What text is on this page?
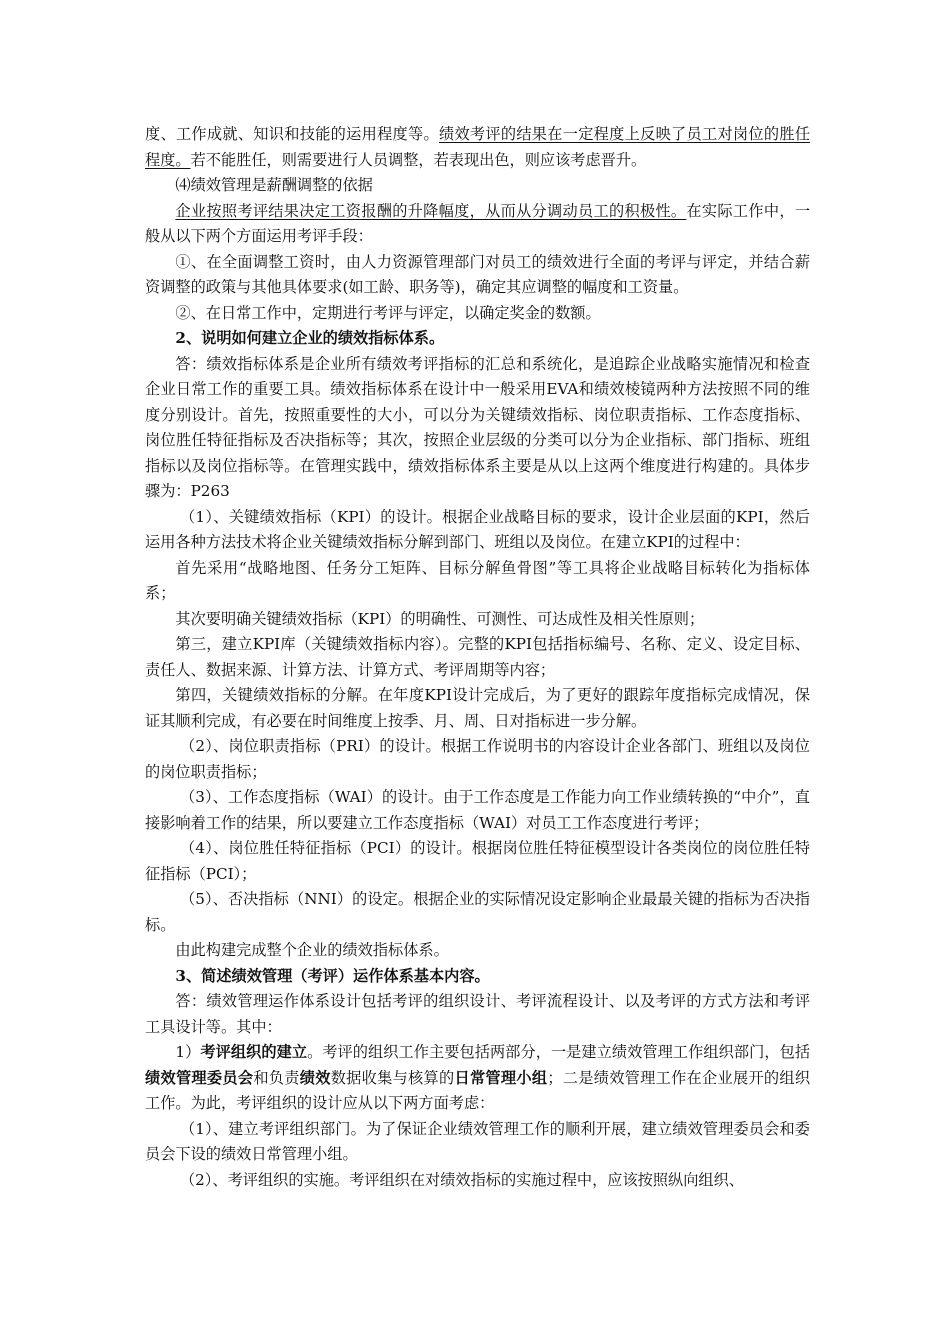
度、工作成就、知识和技能的运用程度等。绩效考评的结果在一定程度上反映了员工对岗位的胜任程度。若不能胜任，则需要进行人员调整，若表现出色，则应该考虑晋升。

⑷绩效管理是薪酬调整的依据

企业按照考评结果决定工资报酬的升降幅度，从而从分调动员工的积极性。在实际工作中，一般从以下两个方面运用考评手段：

①、在全面调整工资时，由人力资源管理部门对员工的绩效进行全面的考评与评定，并结合薪资调整的政策与其他具体要求(如工龄、职务等)，确定其应调整的幅度和工资量。

②、在日常工作中，定期进行考评与评定，以确定奖金的数额。

2、说明如何建立企业的绩效指标体系。

答：绩效指标体系是企业所有绩效考评指标的汇总和系统化，是追踪企业战略实施情况和检查企业日常工作的重要工具。绩效指标体系在设计中一般采用EVA和绩效棱镜两种方法按照不同的维度分别设计。首先，按照重要性的大小，可以分为关键绩效指标、岗位职责指标、工作态度指标、岗位胜任特征指标及否决指标等；其次，按照企业层级的分类可以分为企业指标、部门指标、班组指标以及岗位指标等。在管理实践中，绩效指标体系主要是从以上这两个维度进行构建的。具体步骤为：P263

（1）、关键绩效指标（KPI）的设计。根据企业战略目标的要求，设计企业层面的KPI，然后运用各种方法技术将企业关键绩效指标分解到部门、班组以及岗位。在建立KPI的过程中：

首先采用“战略地图、任务分工矩阵、目标分解鱼骨图”等工具将企业战略目标转化为指标体系；

其次要明确关键绩效指标（KPI）的明确性、可测性、可达成性及相关性原则；

第三，建立KPI库（关键绩效指标内容）。完整的KPI包括指标编号、名称、定义、设定目标、责任人、数据来源、计算方法、计算方式、考评周期等内容；

第四，关键绩效指标的分解。在年度KPI设计完成后，为了更好的跟踪年度指标完成情况，保证其顺利完成，有必要在时间维度上按季、月、周、日对指标进一步分解。

（2）、岗位职责指标（PRI）的设计。根据工作说明书的内容设计企业各部门、班组以及岗位的岗位职责指标；

（3）、工作态度指标（WAI）的设计。由于工作态度是工作能力向工作业绩转换的“中介”，直接影响着工作的结果，所以要建立工作态度指标（WAI）对员工工作态度进行考评；

（4）、岗位胜任特征指标（PCI）的设计。根据岗位胜任特征模型设计各类岗位的岗位胜任特征指标（PCI）；

（5）、否决指标（NNI）的设定。根据企业的实际情况设定影响企业最最关键的指标为否决指标。

由此构建完成整个企业的绩效指标体系。

3、简述绩效管理（考评）运作体系基本内容。

答：绩效管理运作体系设计包括考评的组织设计、考评流程设计、以及考评的方式方法和考评工具设计等。其中：

1）考评组织的建立。考评的组织工作主要包括两部分，一是建立绩效管理工作组织部门，包括绩效管理委员会和负责绩效数据收集与核算的日常管理小组；二是绩效管理工作在企业展开的组织工作。为此，考评组织的设计应从以下两方面考虑：

（1）、建立考评组织部门。为了保证企业绩效管理工作的顺利开展，建立绩效管理委员会和委员会下设的绩效日常管理小组。

（2）、考评组织的实施。考评组织在对绩效指标的实施过程中，应该按照纵向组织、
